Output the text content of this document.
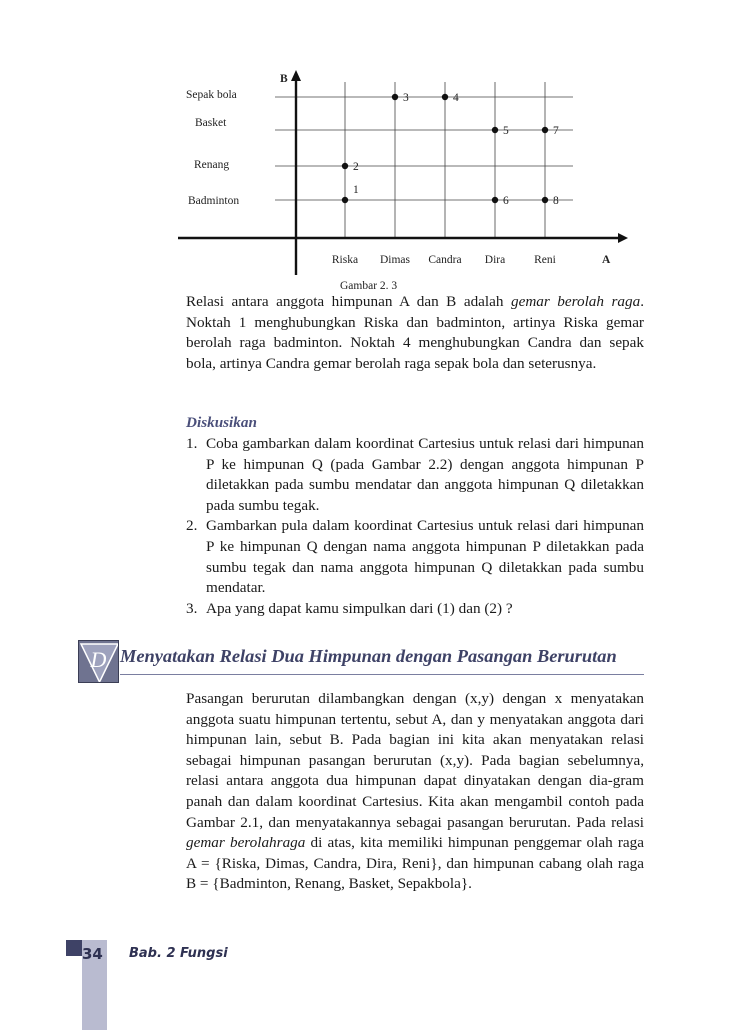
A
B
Riska Dimas Candra Dira	Reni
Badminton
Renang
Basket
Sepak bola
1
2
3	4
5
6
7
8
Gambar 2. 3

Relasi antara anggota himpunan A dan B adalah gemar berolah raga. Noktah 1 menghubungkan Riska dan badminton, artinya Riska gemar berolah raga badminton. Noktah 4 menghubungkan Candra dan sepak bola, artinya Candra gemar berolah raga sepak bola dan seterusnya.

Diskusikan
1. Coba gambarkan dalam koordinat Cartesius untuk relasi dari himpunan P ke himpunan Q (pada Gambar 2.2) dengan anggota himpunan P diletakkan pada sumbu mendatar dan anggota himpunan Q diletakkan pada sumbu tegak.
2. Gambarkan pula dalam koordinat Cartesius untuk relasi dari himpunan P ke himpunan Q dengan nama anggota himpunan P diletakkan pada sumbu tegak dan nama anggota himpunan Q diletakkan pada sumbu mendatar.
3. Apa yang dapat kamu simpulkan dari (1) dan (2) ?
D Menyatakan Relasi Dua Himpunan dengan Pasangan Berurutan

Pasangan berurutan dilambangkan dengan (x,y) dengan x menyatakan anggota suatu himpunan tertentu, sebut A, dan y menyatakan anggota dari himpunan lain, sebut B. Pada bagian ini kita akan menyatakan relasi sebagai himpunan pasangan berurutan (x,y). Pada bagian sebelumnya, relasi antara anggota dua himpunan dapat dinyatakan dengan dia-gram panah dan dalam koordinat Cartesius. Kita akan mengambil contoh pada Gambar 2.1, dan menyatakannya sebagai pasangan berurutan. Pada relasi gemar berolahraga di atas, kita memiliki himpunan penggemar olah raga A = {Riska, Dimas, Candra, Dira, Reni}, dan himpunan cabang olah raga B = {Badminton, Renang, Basket, Sepakbola}.

34	Bab. 2 Fungsi
